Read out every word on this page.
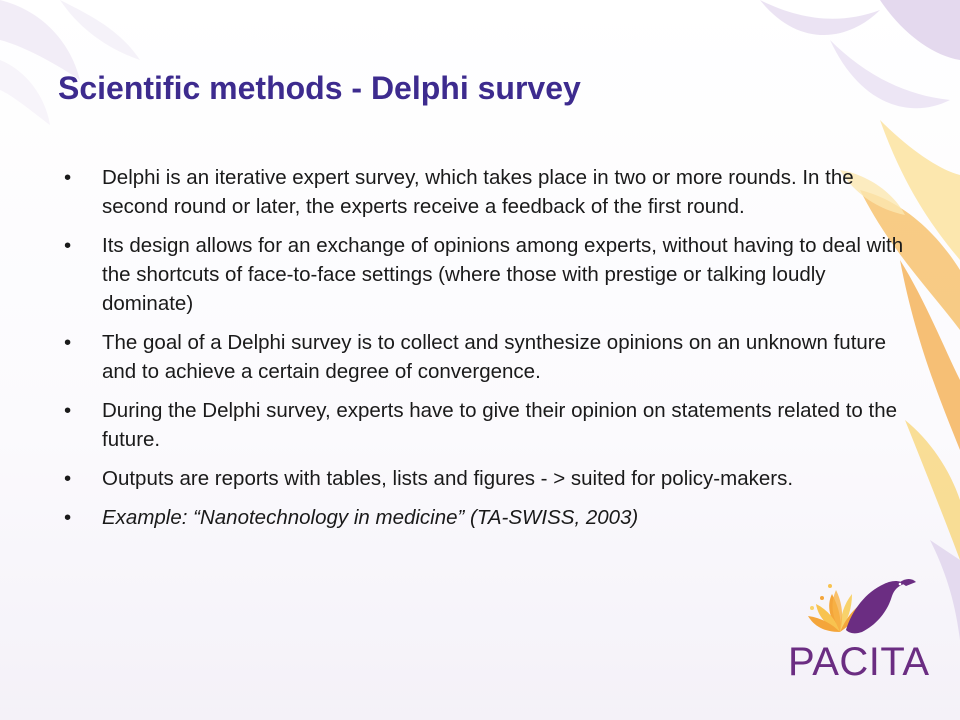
Scientific methods - Delphi survey
• Delphi is an iterative expert survey, which takes place in two or more rounds. In the second round or later, the experts receive a feedback of the first round.
• Its design allows for an exchange of opinions among experts, without having to deal with the shortcuts of face-to-face settings (where those with prestige or talking loudly dominate)
• The goal of a Delphi survey is to collect and synthesize opinions on an unknown future and to achieve a certain degree of convergence.
• During the Delphi survey, experts have to give their opinion on statements related to the future.
• Outputs are reports with tables, lists and figures - > suited for policy-makers.
• Example: “Nanotechnology in medicine” (TA-SWISS, 2003)
PACITA
